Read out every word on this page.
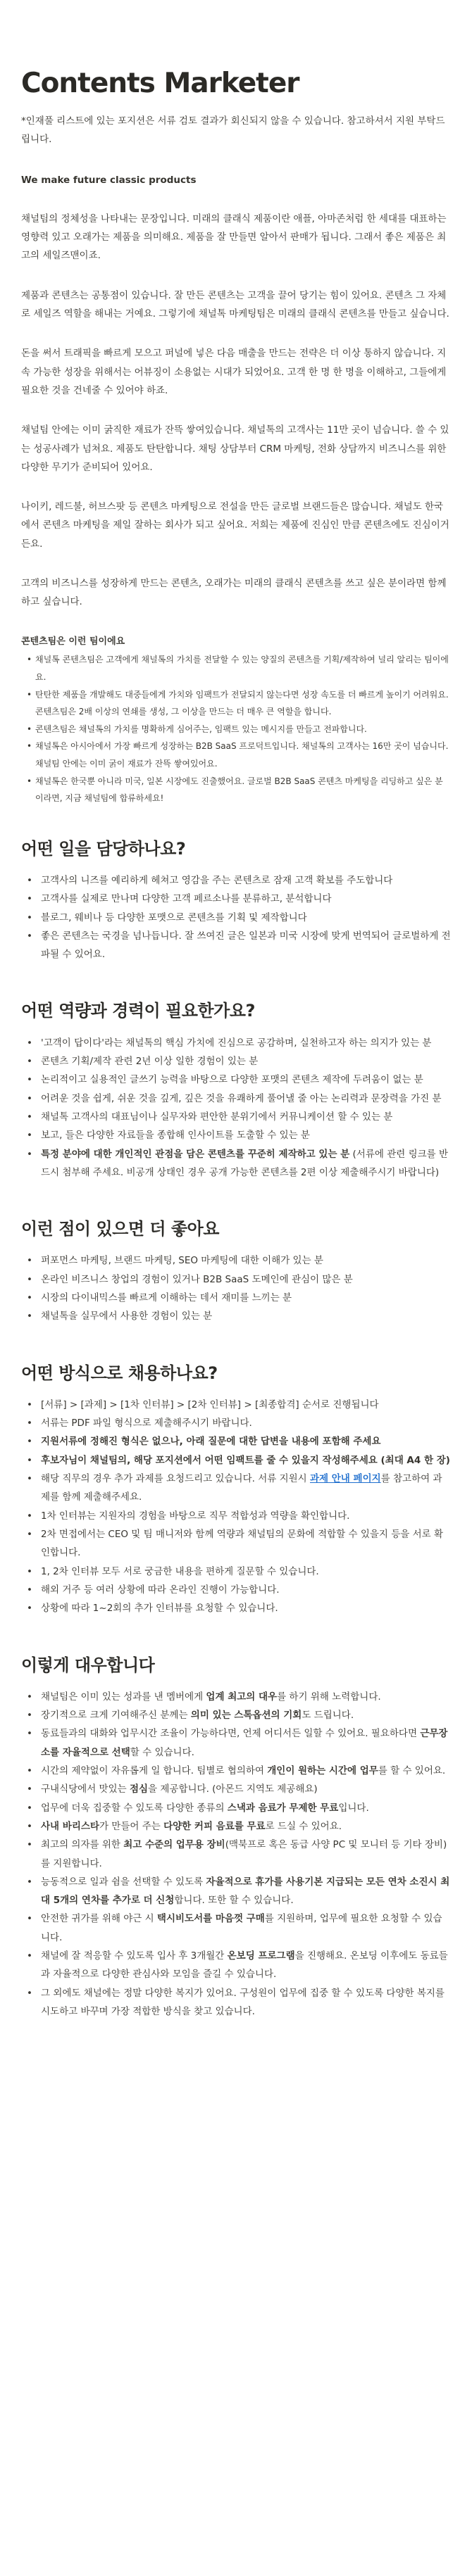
Contents Marketer

*인재풀 리스트에 있는 포지션은 서류 검토 결과가 회신되지 않을 수 있습니다. 참고하셔서 지원 부탁드립니다.

We make future classic products

채널팀의 정체성을 나타내는 문장입니다. 미래의 클래식 제품이란 애플, 아마존처럼 한 세대를 대표하는 영향력 있고 오래가는 제품을 의미해요. 제품을 잘 만들면 알아서 판매가 됩니다. 그래서 좋은 제품은 최고의 세일즈맨이죠.

제품과 콘텐츠는 공통점이 있습니다. 잘 만든 콘텐츠는 고객을 끌어 당기는 힘이 있어요. 콘텐츠 그 자체로 세일즈 역할을 해내는 거예요. 그렇기에 채널톡 마케팅팀은 미래의 클래식 콘텐츠를 만들고 싶습니다.

돈을 써서 트래픽을 빠르게 모으고 퍼널에 넣은 다음 매출을 만드는 전략은 더 이상 통하지 않습니다. 지속 가능한 성장을 위해서는 어뷰징이 소용없는 시대가 되었어요. 고객 한 명 한 명을 이해하고, 그들에게 필요한 것을 건네줄 수 있어야 하죠.

채널팀 안에는 이미 굵직한 재료가 잔뜩 쌓여있습니다. 채널톡의 고객사는 11만 곳이 넘습니다. 쓸 수 있는 성공사례가 넘쳐요. 제품도 탄탄합니다. 채팅 상담부터 CRM 마케팅, 전화 상담까지 비즈니스를 위한 다양한 무기가 준비되어 있어요.

나이키, 레드불, 허브스팟 등 콘텐츠 마케팅으로 전설을 만든 글로벌 브랜드들은 많습니다. 채널도 한국에서 콘텐츠 마케팅을 제일 잘하는 회사가 되고 싶어요. 저희는 제품에 진심인 만큼 콘텐츠에도 진심이거든요.

고객의 비즈니스를 성장하게 만드는 콘텐츠, 오래가는 미래의 클래식 콘텐츠를 쓰고 싶은 분이라면 함께하고 싶습니다.

콘텐츠팀은 이런 팀이에요
• 채널톡 콘텐츠팀은 고객에게 채널톡의 가치를 전달할 수 있는 양질의 콘텐츠를 기획/제작하여 널리 알리는 팀이에요.
• 탄탄한 제품을 개발해도 대중들에게 가치와 임팩트가 전달되지 않는다면 성장 속도를 더 빠르게 높이기 어려워요. 콘텐츠팀은 2배 이상의 연쇄를 생성, 그 이상을 만드는 더 매우 큰 역할을 합니다.
• 콘텐츠팀은 채널톡의 가치를 명확하게 심어주는, 임팩트 있는 메시지를 만들고 전파합니다.
• 채널톡은 아시아에서 가장 빠르게 성장하는 B2B SaaS 프로덕트입니다. 채널톡의 고객사는 16만 곳이 넘습니다. 채널팀 안에는 이미 굵이 재료가 잔뜩 쌓여있어요.
• 채널톡은 한국뿐 아니라 미국, 일본 시장에도 진출했어요. 글로벌 B2B SaaS 콘텐츠 마케팅을 리딩하고 싶은 분이라면, 지금 채널팀에 합류하세요!
어떤 일을 담당하나요?
• 고객사의 니즈를 예리하게 헤쳐고 영감을 주는 콘텐츠로 잠재 고객 확보를 주도합니다
• 고객사를 실제로 만나며 다양한 고객 페르소나를 분류하고, 분석합니다
• 블로그, 웨비나 등 다양한 포맷으로 콘텐츠를 기획 및 제작합니다
• 좋은 콘텐츠는 국경을 넘나듭니다. 잘 쓰여진 글은 일본과 미국 시장에 맞게 번역되어 글로벌하게 전파될 수 있어요.
어떤 역량과 경력이 필요한가요?
• '고객이 답이다'라는 채널톡의 핵심 가치에 진심으로 공감하며, 실천하고자 하는 의지가 있는 분
• 콘텐츠 기획/제작 관련 2년 이상 일한 경험이 있는 분
• 논리적이고 실용적인 글쓰기 능력을 바탕으로 다양한 포맷의 콘텐츠 제작에 두려움이 없는 분
• 어려운 것을 쉽게, 쉬운 것을 깊게, 깊은 것을 유쾌하게 풀어낼 줄 아는 논리력과 문장력을 가진 분
• 채널톡 고객사의 대표님이나 실무자와 편안한 분위기에서 커뮤니케이션 할 수 있는 분
• 보고, 들은 다양한 자료들을 종합해 인사이트를 도출할 수 있는 분
• 특정 분야에 대한 개인적인 관점을 담은 콘텐츠를 꾸준히 제작하고 있는 분 (서류에 관련 링크를 반드시 첨부해 주세요. 비공개 상태인 경우 공개 가능한 콘텐츠를 2편 이상 제출해주시기 바랍니다)
이런 점이 있으면 더 좋아요
• 퍼포먼스 마케팅, 브랜드 마케팅, SEO 마케팅에 대한 이해가 있는 분
• 온라인 비즈니스 창업의 경험이 있거나 B2B SaaS 도메인에 관심이 많은 분
• 시장의 다이내믹스를 빠르게 이해하는 데서 재미를 느끼는 분
• 채널톡을 실무에서 사용한 경험이 있는 분
어떤 방식으로 채용하나요?
• [서류] > [과제] > [1차 인터뷰] > [2차 인터뷰] > [최종합격] 순서로 진행됩니다
• 서류는 PDF 파일 형식으로 제출해주시기 바랍니다.
• 지원서류에 정해진 형식은 없으나, 아래 질문에 대한 답변을 내용에 포함해 주세요
• 후보자님이 채널팀의, 해당 포지션에서 어떤 임팩트를 줄 수 있을지 작성해주세요 (최대 A4 한 장)
• 해당 직무의 경우 추가 과제를 요청드리고 있습니다. 서류 지원시 과제 안내 페이지를 참고하여 과제를 함께 제출해주세요.
• 1차 인터뷰는 지원자의 경험을 바탕으로 직무 적합성과 역량을 확인합니다.
• 2차 면접에서는 CEO 및 팀 매니저와 함께 역량과 채널팀의 문화에 적합할 수 있을지 등을 서로 확인합니다.
• 1, 2차 인터뷰 모두 서로 궁금한 내용을 편하게 질문할 수 있습니다.
• 해외 거주 등 여러 상황에 따라 온라인 진행이 가능합니다.
• 상황에 따라 1~2회의 추가 인터뷰를 요청할 수 있습니다.
이렇게 대우합니다
• 채널팀은 이미 있는 성과를 낸 멤버에게 업계 최고의 대우를 하기 위해 노력합니다.
• 장기적으로 크게 기여해주신 분께는 의미 있는 스톡옵션의 기회도 드립니다.
• 동료들과의 대화와 업무시간 조율이 가능하다면, 언제 어디서든 일할 수 있어요. 필요하다면 근무장소를 자율적으로 선택할 수 있습니다.
• 시간의 제약없이 자유롭게 일 합니다. 팀별로 협의하여 개인이 원하는 시간에 업무를 할 수 있어요.
• 구내식당에서 맛있는 점심을 제공합니다. (아몬드 지역도 제공해요)
• 업무에 더욱 집중할 수 있도록 다양한 종류의 스낵과 음료가 무제한 무료입니다.
• 사내 바리스타가 만들어 주는 다양한 커피 음료를 무료로 드실 수 있어요.
• 최고의 의자를 위한 최고 수준의 업무용 장비(맥북프로 혹은 동급 사양 PC 및 모니터 등 기타 장비)를 지원합니다.
• 능동적으로 일과 쉼을 선택할 수 있도록 자율적으로 휴가를 사용기본 지급되는 모든 연차 소진시 최대 5개의 연차를 추가로 더 신청합니다. 또한 할 수 있습니다.
• 안전한 귀가를 위해 야근 시 택시비도서를 마음껏 구매를 지원하며, 업무에 필요한 요청할 수 있습니다.
• 채널에 잘 적응할 수 있도록 입사 후 3개월간 온보딩 프로그램을 진행해요. 온보딩 이후에도 동료들과 자율적으로 다양한 관심사와 모임을 즐길 수 있습니다.
• 그 외에도 채널에는 정말 다양한 복지가 있어요. 구성원이 업무에 집중 할 수 있도록 다양한 복지를 시도하고 바꾸며 가장 적합한 방식을 찾고 있습니다.
